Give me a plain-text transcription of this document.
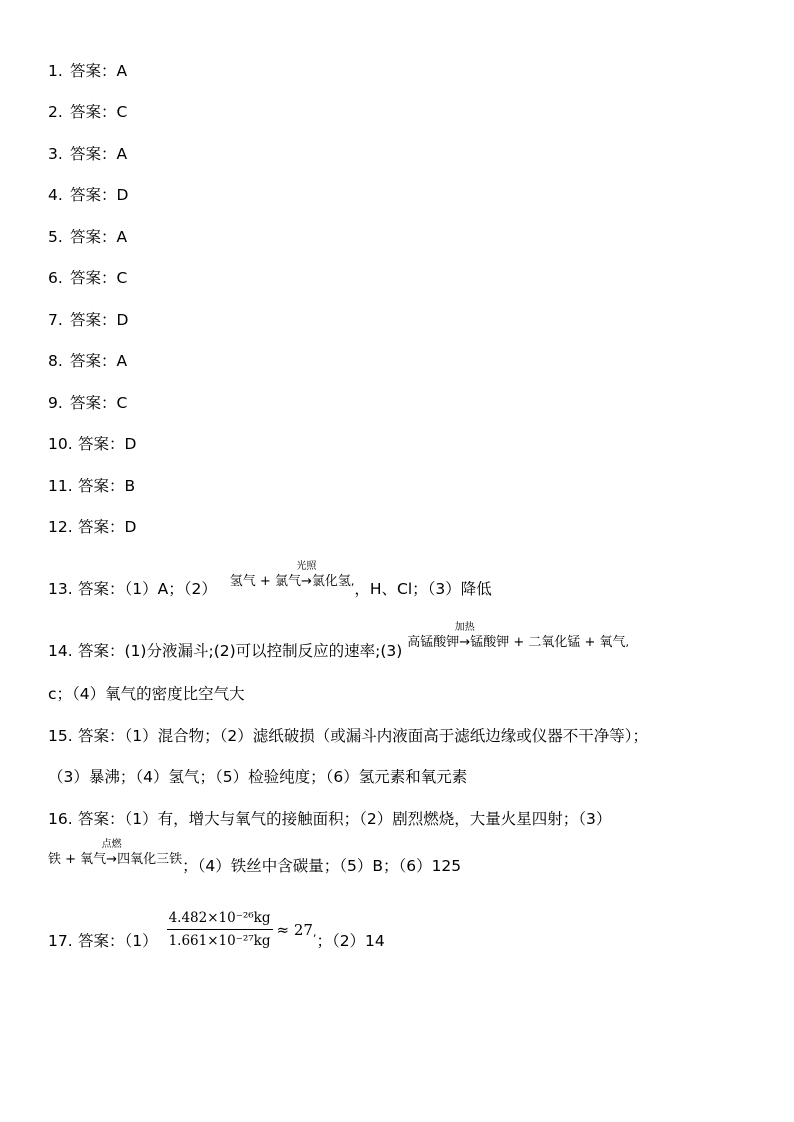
1. 答案：A
2. 答案：C
3. 答案：A
4. 答案：D
5. 答案：A
6. 答案：C
7. 答案：D
8. 答案：A
9. 答案：C
10. 答案：D
11. 答案：B
12. 答案：D
13. 答案：（1）A；（2） 氢气 + 氯气
光照
→氯化氢,，H、Cl；（3）降低
14. 答案：(1)分液漏斗;(2)可以控制反应的速率;(3) 高锰酸钾
加热
→锰酸钾 + 二氧化锰 + 氧气,
c；（4）氧气的密度比空气大
15. 答案：（1）混合物；（2）滤纸破损（或漏斗内液面高于滤纸边缘或仪器不干净等）；
（3）暴沸；（4）氢气；（5）检验纯度；（6）氢元素和氧元素
16. 答案：（1）有，增大与氧气的接触面积；（2）剧烈燃烧，大量火星四射；（3）
铁 + 氧气
点燃
→四氧化三铁；（4）铁丝中含碳量；（5）B；（6）125
17. 答案：$(1) \frac{\text{4.482×10⁻²⁶kg}}{\text{1.661×10⁻²⁷kg}} \approx 27^,$；（2）14
